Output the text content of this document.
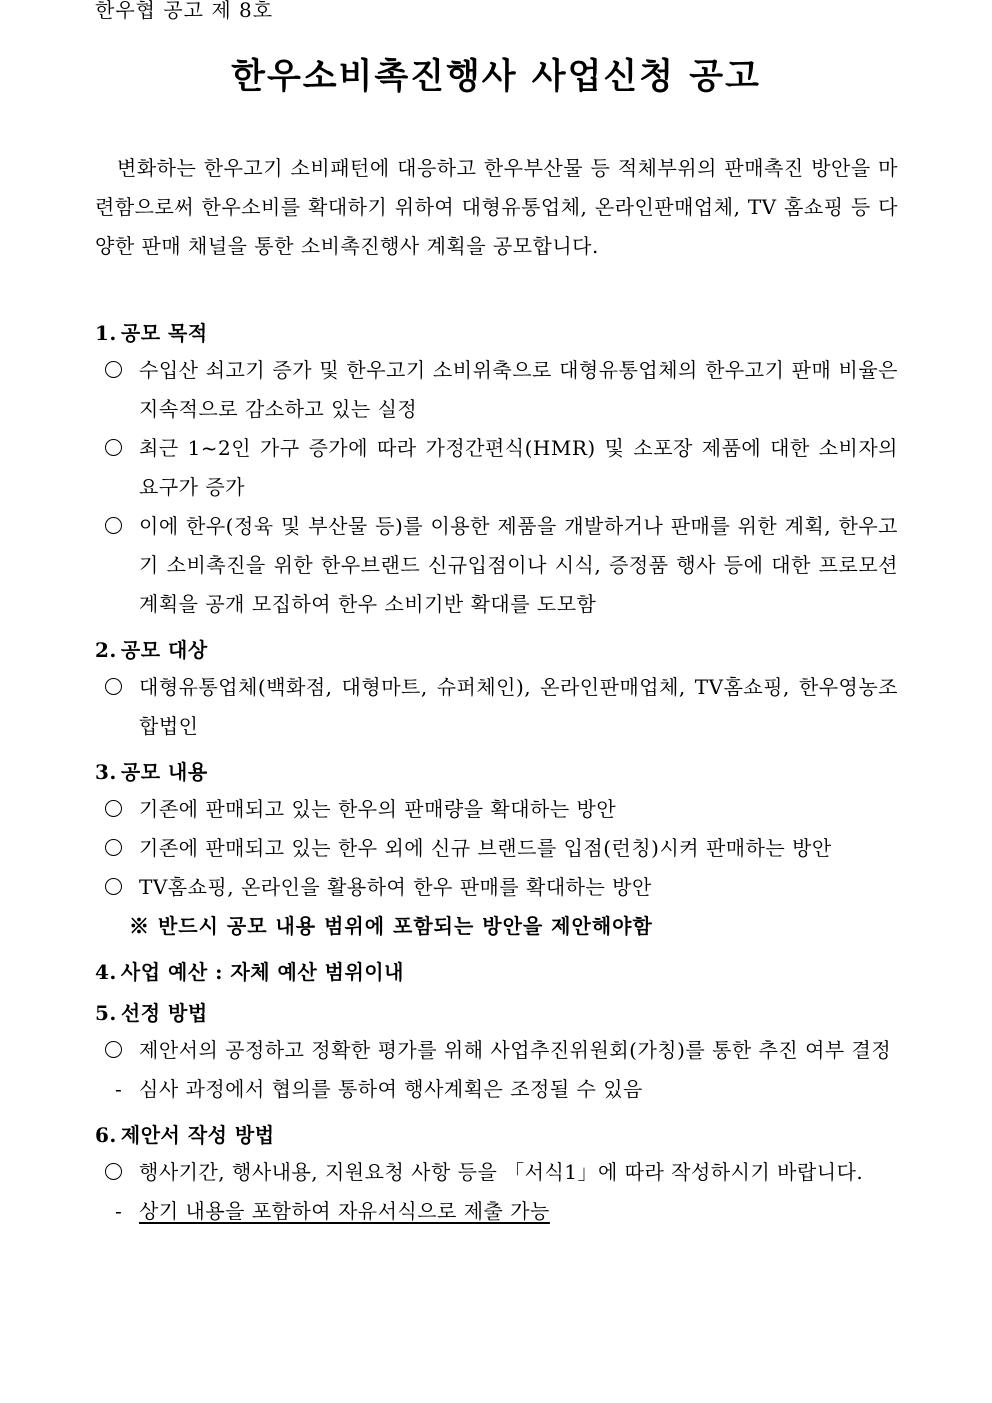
한우협 공고 제 8호
한우소비촉진행사 사업신청 공고
변화하는 한우고기 소비패턴에 대응하고 한우부산물 등 적체부위의 판매촉진 방안을 마련함으로써 한우소비를 확대하기 위하여 대형유통업체, 온라인판매업체, TV 홈쇼핑 등 다양한 판매 채널을 통한 소비촉진행사 계획을 공모합니다.
1. 공모 목적
수입산 쇠고기 증가 및 한우고기 소비위축으로 대형유통업체의 한우고기 판매 비율은 지속적으로 감소하고 있는 실정
최근 1~2인 가구 증가에 따라 가정간편식(HMR) 및 소포장 제품에 대한 소비자의 요구가 증가
이에 한우(정육 및 부산물 등)를 이용한 제품을 개발하거나 판매를 위한 계획, 한우고기 소비촉진을 위한 한우브랜드 신규입점이나 시식, 증정품 행사 등에 대한 프로모션 계획을 공개 모집하여 한우 소비기반 확대를 도모함
2. 공모 대상
대형유통업체(백화점, 대형마트, 슈퍼체인), 온라인판매업체, TV홈쇼핑, 한우영농조합법인
3. 공모 내용
기존에 판매되고 있는 한우의 판매량을 확대하는 방안
기존에 판매되고 있는 한우 외에 신규 브랜드를 입점(런칭)시켜 판매하는 방안
TV홈쇼핑, 온라인을 활용하여 한우 판매를 확대하는 방안
※ 반드시 공모 내용 범위에 포함되는 방안을 제안해야함
4. 사업 예산 : 자체 예산 범위이내
5. 선정 방법
제안서의 공정하고 정확한 평가를 위해 사업추진위원회(가칭)를 통한 추진 여부 결정
- 심사 과정에서 협의를 통하여 행사계획은 조정될 수 있음
6. 제안서 작성 방법
행사기간, 행사내용, 지원요청 사항 등을 「서식1」에 따라 작성하시기 바랍니다.
- 상기 내용을 포함하여 자유서식으로 제출 가능
